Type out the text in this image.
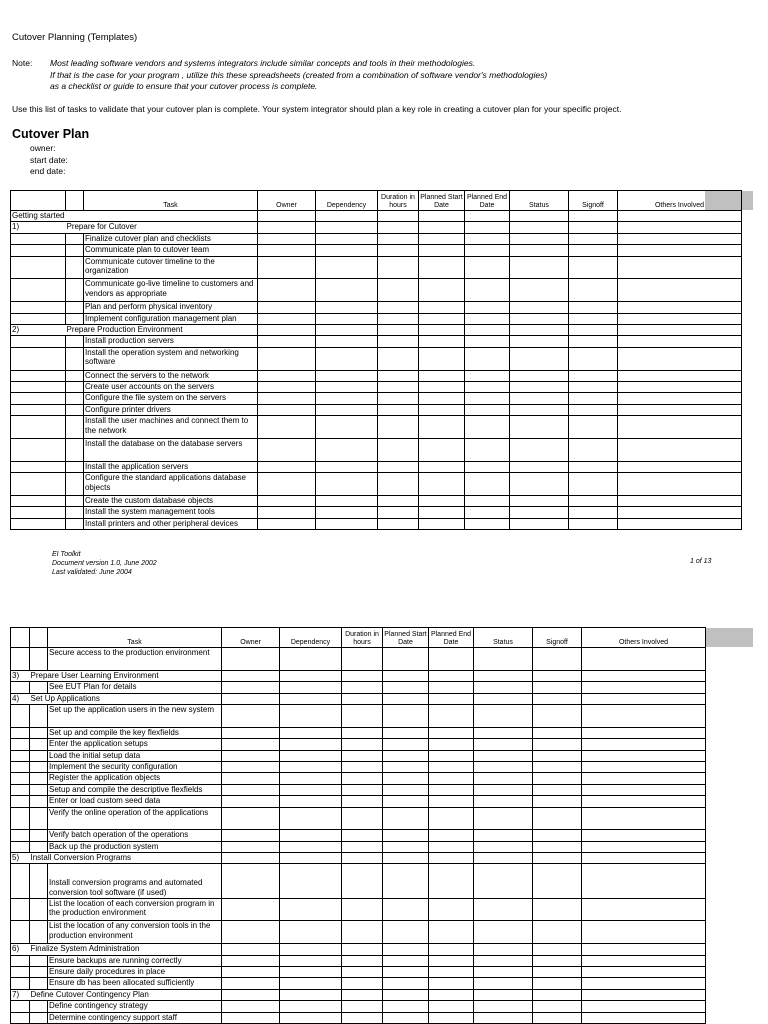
Cutover Planning (Templates)
Note: Most leading software vendors and systems integrators include similar concepts and tools in their methodologies.
If that is the case for your program , utilize this these spreadsheets (created from a combination of software vendor's methodologies)
as a checklist or guide to ensure that your cutover process is complete.
Use this list of tasks to validate that your cutover plan is complete. Your system integrator should plan a key role in creating a cutover plan for your specific project.
Cutover Plan
owner:
start date:
end date:
		Task	Owner	Dependency	Duration in hours	Planned Start Date	Planned End Date	Status	Signoff	Others Involved
Getting started										
1)	Prepare for Cutover									
		Finalize cutover plan and checklists								
		Communicate plan to cutover team								
		Communicate cutover timeline to the organization								
		Communicate go-live timeline to customers and vendors as appropriate								
		Plan and perform physical inventory								
		Implement configuration management plan								
2)	Prepare Production Environment									
		Install production servers								
		Install the operation system and networking software								
		Connect the servers to the network								
		Create user accounts on the servers								
		Configure the file system on the servers								
		Configure printer drivers								
		Install the user machines and connect them to the network								
		Install the database on the database servers								
		Install the application servers								
		Configure the standard applications database objects								
		Create the custom database objects								
		Install the system management tools								
		Install printers and other peripheral devices								
EI Toolkit
Document version 1.0, June 2002
Last validated: June 2004
1 of 13
		Task	Owner	Dependency	Duration in hours	Planned Start Date	Planned End Date	Status	Signoff	Others Involved
		Secure access to the production environment								
3)	Prepare User Learning Environment									
		See EUT Plan for details								
4)	Set Up Applications									
		Set up the application users in the new system								
		Set up and compile the key flexfields								
		Enter the application setups								
		Load the initial setup data								
		Implement the security configuration								
		Register the application objects								
		Setup and compile the descriptive flexfields								
		Enter or load custom seed data								
		Verify the online operation of the applications								
		Verify batch operation of the operations								
		Back up the production system								
5)	Install Conversion Programs									
		Install conversion programs and automated conversion tool software (if used)								
		List the location of each conversion program in the production environment								
		List the location of any conversion tools in the production environment								
6)	Finalize System Administration									
		Ensure backups are running correctly								
		Ensure daily procedures in place								
		Ensure db has been allocated sufficiently								
7)	Define Cutover Contingency Plan									
		Define contingency strategy								
		Determine contingency support staff								
